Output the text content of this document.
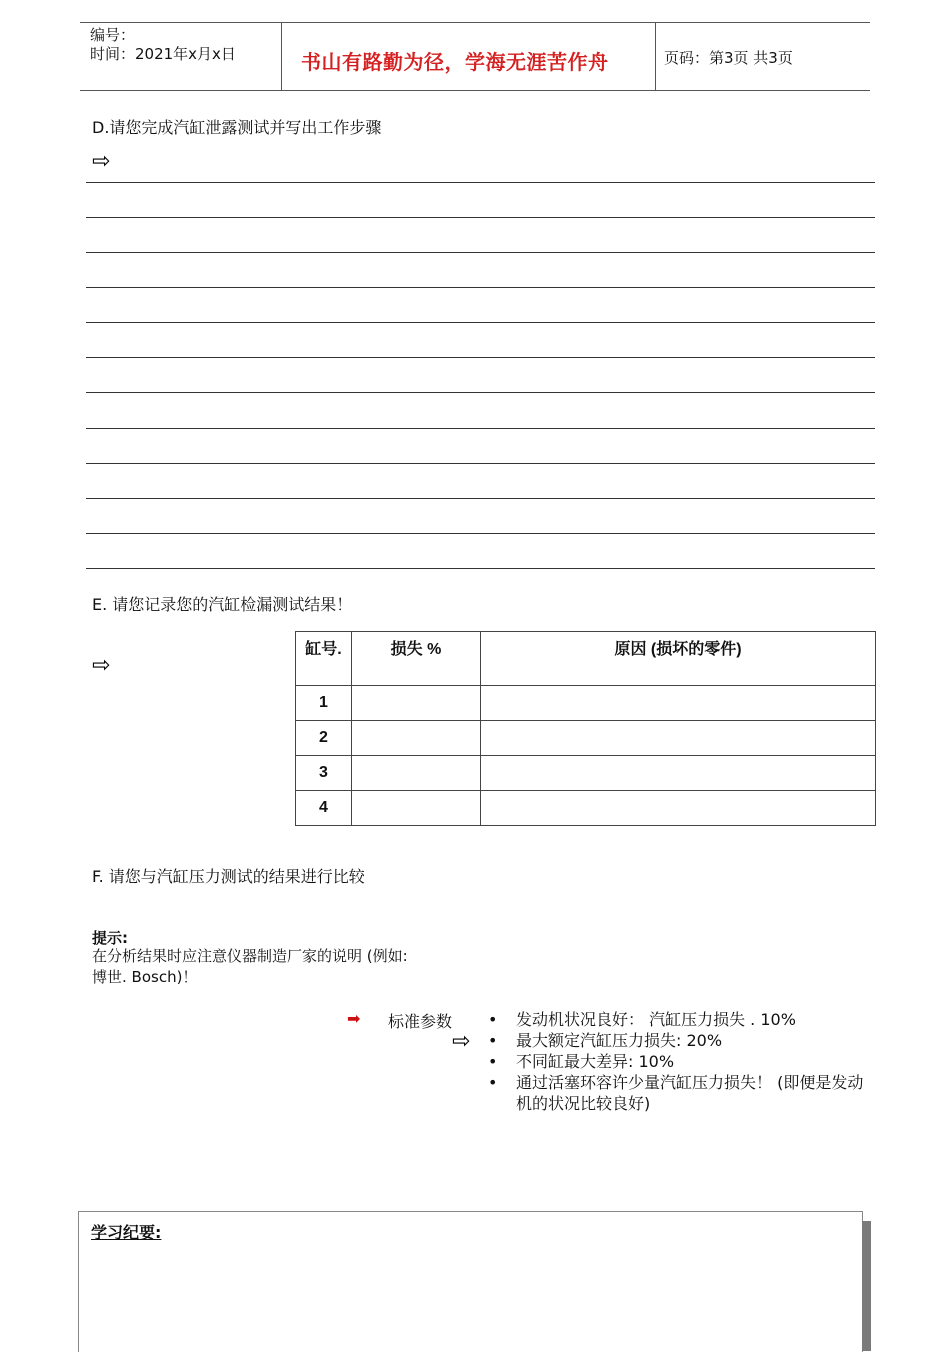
编号：
时间：2021年x月x日	书山有路勤为径，学海无涯苦作舟	页码：第3页 共3页
D.请您完成汽缸泄露测试并写出工作步骤
⇨
E. 请您记录您的汽缸检漏测试结果！
⇨
缸号.	损失 %	原因 (损坏的零件)
1		
2		
3		
4		
F. 请您与汽缸压力测试的结果进行比较
提示:
在分析结果时应注意仪器制造厂家的说明 (例如:
博世. Bosch)！
➡ 标准参数
⇨
• 发动机状况良好： 汽缸压力损失 . 10%
• 最大额定汽缸压力损失: 20%
• 不同缸最大差异: 10%
• 通过活塞环容许少量汽缸压力损失！ (即便是发动机的状况比较良好)
学习纪要:
